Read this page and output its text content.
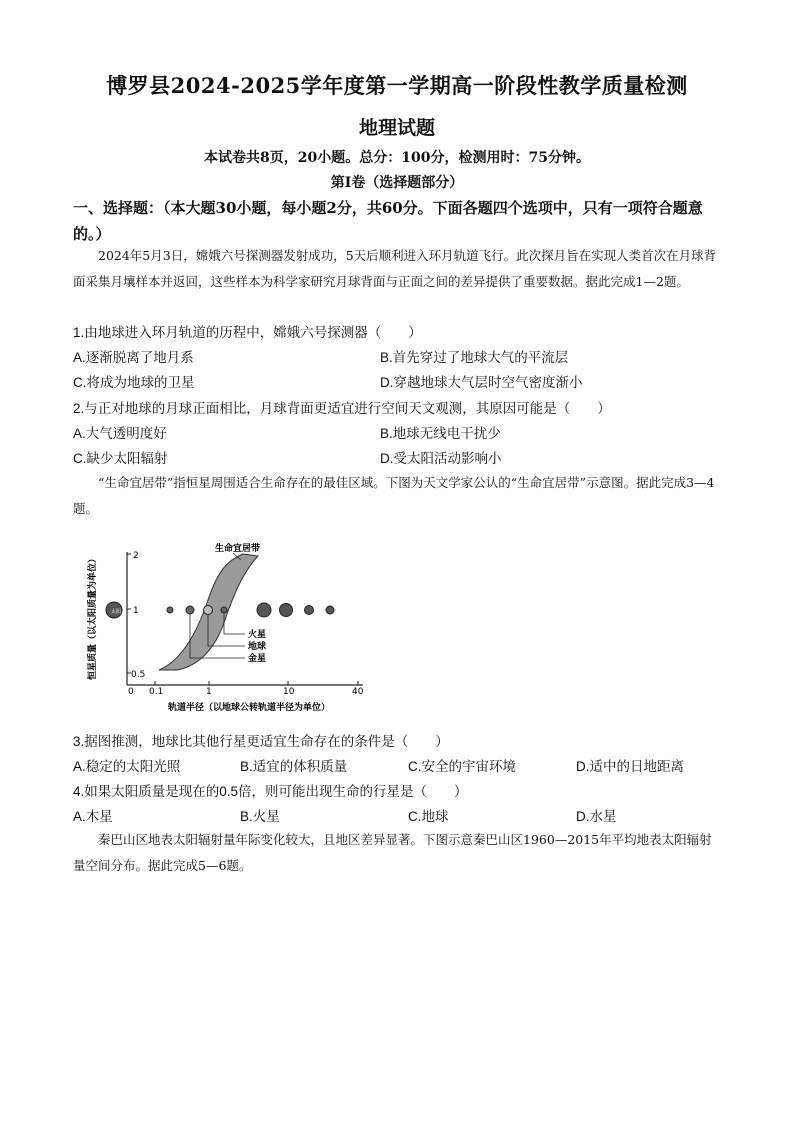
博罗县2024-2025学年度第一学期高一阶段性教学质量检测
地理试题
本试卷共8页，20小题。总分：100分，检测用时：75分钟。
第Ⅰ卷（选择题部分）
一、选择题：（本大题30小题，每小题2分，共60分。下面各题四个选项中，只有一项符合题意的。）
2024年5月3日，嫦娥六号探测器发射成功，5天后顺利进入环月轨道飞行。此次探月旨在实现人类首次在月球背面采集月壤样本并返回，这些样本为科学家研究月球背面与正面之间的差异提供了重要数据。据此完成1—2题。
1.由地球进入环月轨道的历程中，嫦娥六号探测器（　　）
A.逐渐脱离了地月系	B.首先穿过了地球大气的平流层
C.将成为地球的卫星	D.穿越地球大气层时空气密度渐小
2.与正对地球的月球正面相比，月球背面更适宜进行空间天文观测，其原因可能是（　　）
A.大气透明度好	B.地球无线电干扰少
C.缺少太阳辐射	D.受太阳活动影响小
“生命宜居带”指恒星周围适合生命存在的最佳区域。下图为天文学家公认的“生命宜居带”示意图。据此完成3—4题。
2
1
0.5
0 0.1	1	10	40
生命宜居带
太阳
火星
地球
金星
恒星质量（以太阳质量为单位）
轨道半径（以地球公转轨道半径为单位）
3.据图推测，地球比其他行星更适宜生命存在的条件是（　　）
A.稳定的太阳光照	B.适宜的体积质量	C.安全的宇宙环境	D.适中的日地距离
4.如果太阳质量是现在的0.5倍，则可能出现生命的行星是（　　）
A.木星	B.火星	C.地球	D.水星
秦巴山区地表太阳辐射量年际变化较大，且地区差异显著。下图示意秦巴山区1960—2015年平均地表太阳辐射量空间分布。据此完成5—6题。
